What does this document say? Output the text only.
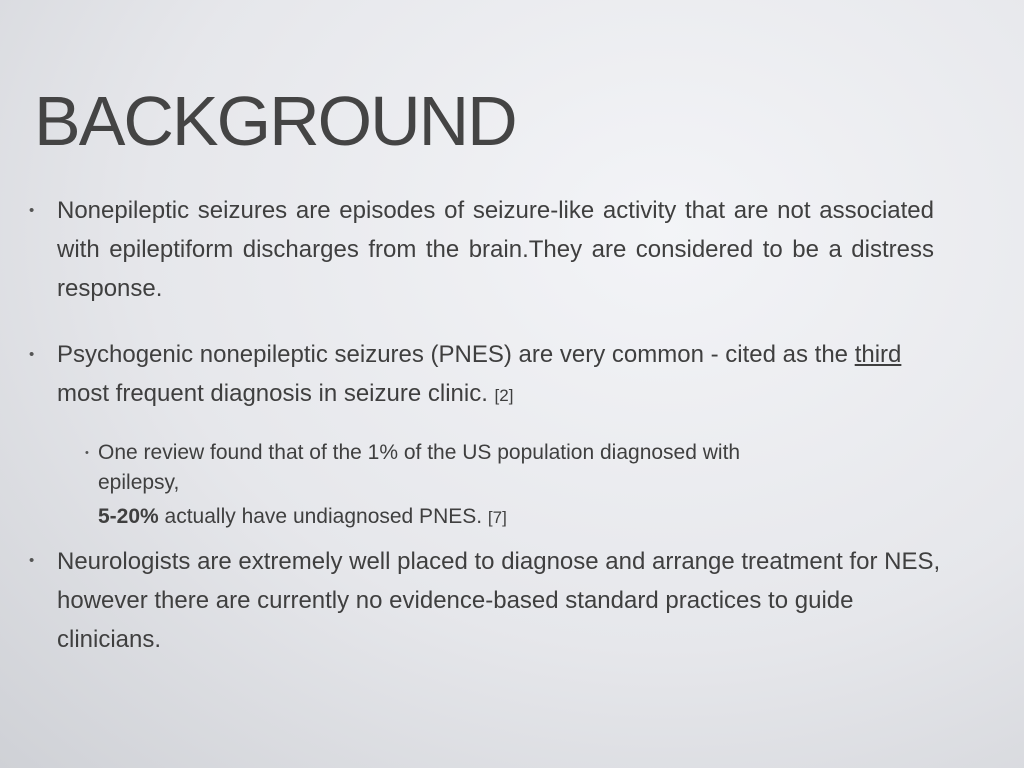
BACKGROUND
• Nonepileptic seizures are episodes of seizure-like activity that are not associated with epileptiform discharges from the brain.They are considered to be a distress response.
• Psychogenic nonepileptic seizures (PNES) are very common - cited as the third most frequent diagnosis in seizure clinic. [2]
• One review found that of the 1% of the US population diagnosed with
epilepsy,
5-20% actually have undiagnosed PNES. [7]
• Neurologists are extremely well placed to diagnose and arrange treatment for NES, however there are currently no evidence-based standard practices to guide clinicians.
